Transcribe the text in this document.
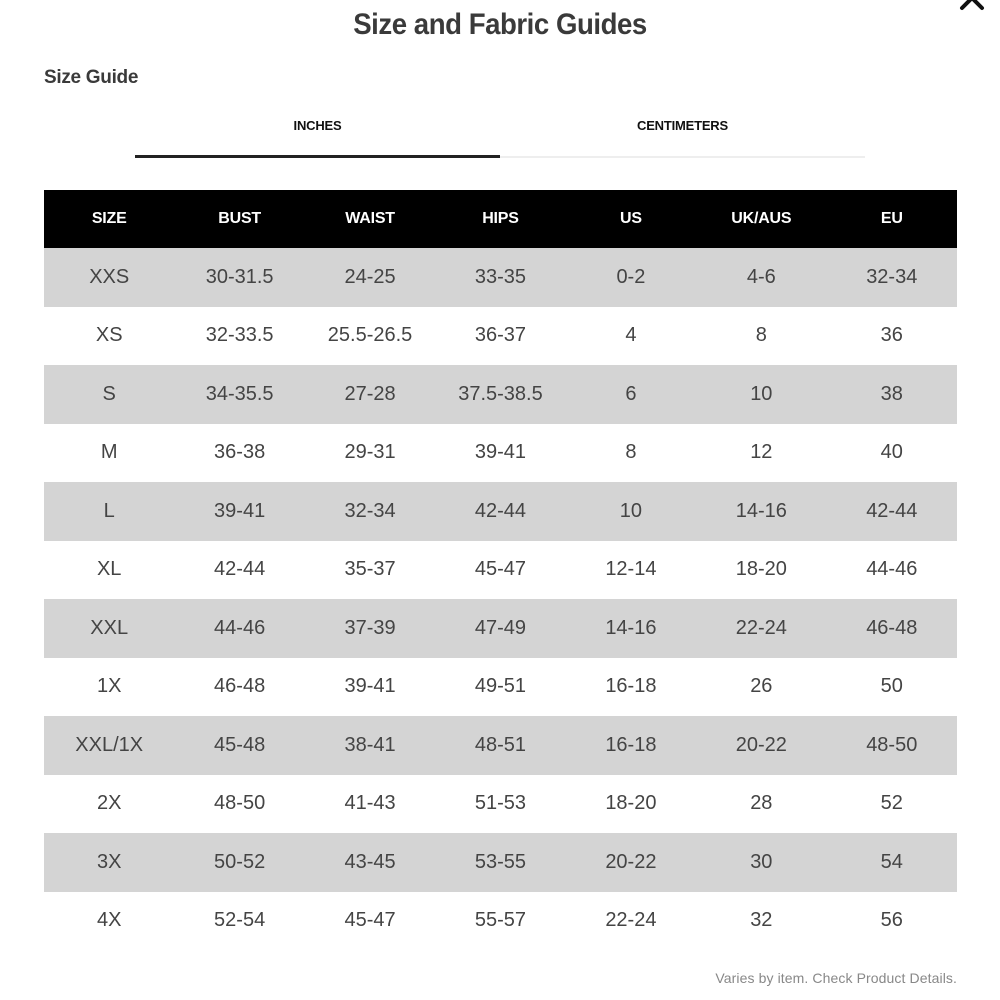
Size and Fabric Guides
Size Guide
INCHES	CENTIMETERS
SIZE	BUST	WAIST	HIPS	US	UK/AUS	EU
XXS	30-31.5	24-25	33-35	0-2	4-6	32-34
XS	32-33.5	25.5-26.5	36-37	4	8	36
S	34-35.5	27-28	37.5-38.5	6	10	38
M	36-38	29-31	39-41	8	12	40
L	39-41	32-34	42-44	10	14-16	42-44
XL	42-44	35-37	45-47	12-14	18-20	44-46
XXL	44-46	37-39	47-49	14-16	22-24	46-48
1X	46-48	39-41	49-51	16-18	26	50
XXL/1X	45-48	38-41	48-51	16-18	20-22	48-50
2X	48-50	41-43	51-53	18-20	28	52
3X	50-52	43-45	53-55	20-22	30	54
4X	52-54	45-47	55-57	22-24	32	56
Varies by item. Check Product Details.
